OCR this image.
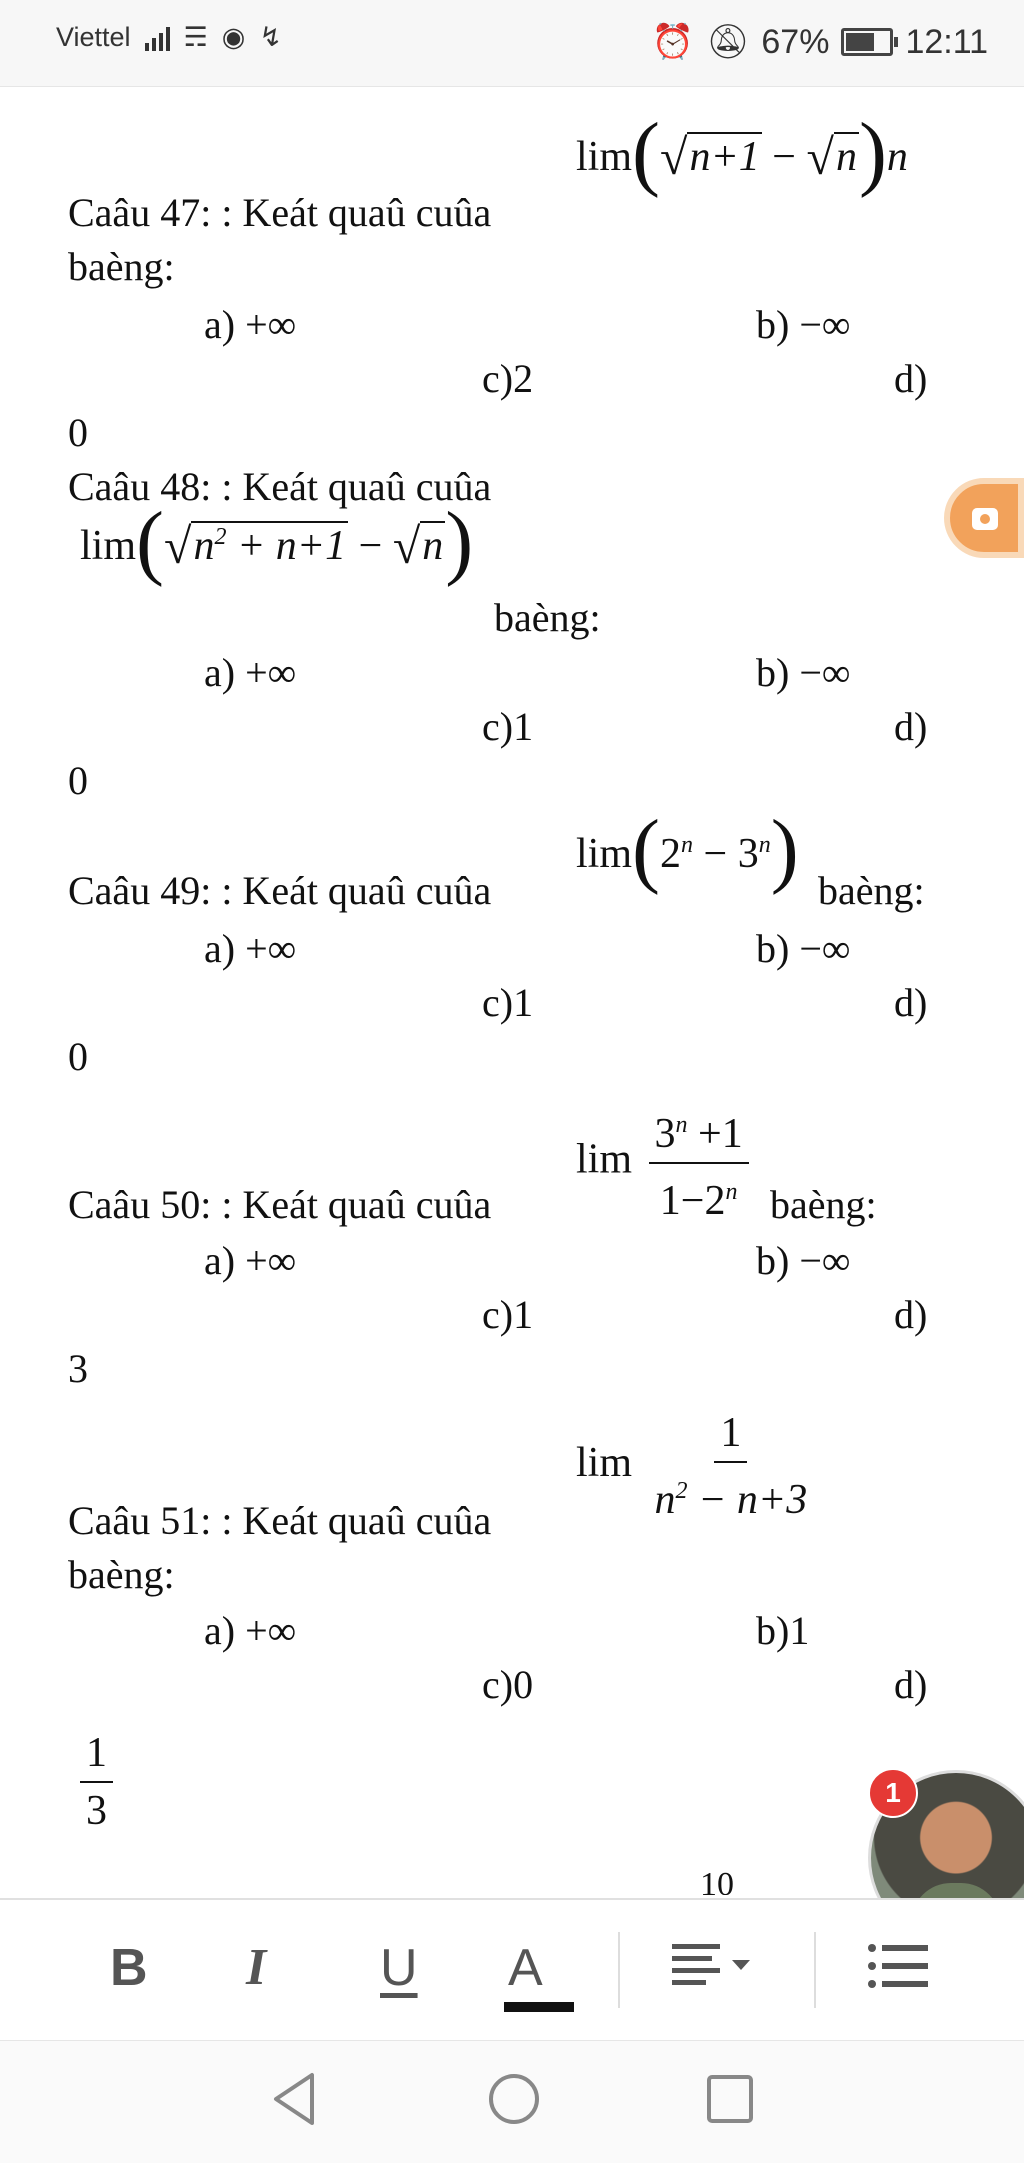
Viettel ☴ ◉ ↯	⏰ 🔕︎ 67% 12:11
lim(√n+1 − √n)n
Caâu 47: : Keát quaû cuûa
baèng:
a) +∞	b) −∞
c)2	d)
0
Caâu 48: : Keát quaû cuûa
$\lim(√n^2 + n+1 - √n)$
baèng:
a) +∞	b) −∞
c)1	d)
0
$\lim(2^n - 3^n)$
Caâu 49: : Keát quaû cuûa	baèng:
a) +∞	b) −∞
c)1	d)
0
$\lim \frac{3^n +1}{1-2^n}$
Caâu 50: : Keát quaû cuûa	baèng:
a) +∞	b) −∞
c)1	d)
3
$\lim \frac{1}{n^2 - n+3}$
Caâu 51: : Keát quaû cuûa
baèng:
a) +∞	b)1
c)0	d)
$\frac{1}{3}$
10
1
B I U A
